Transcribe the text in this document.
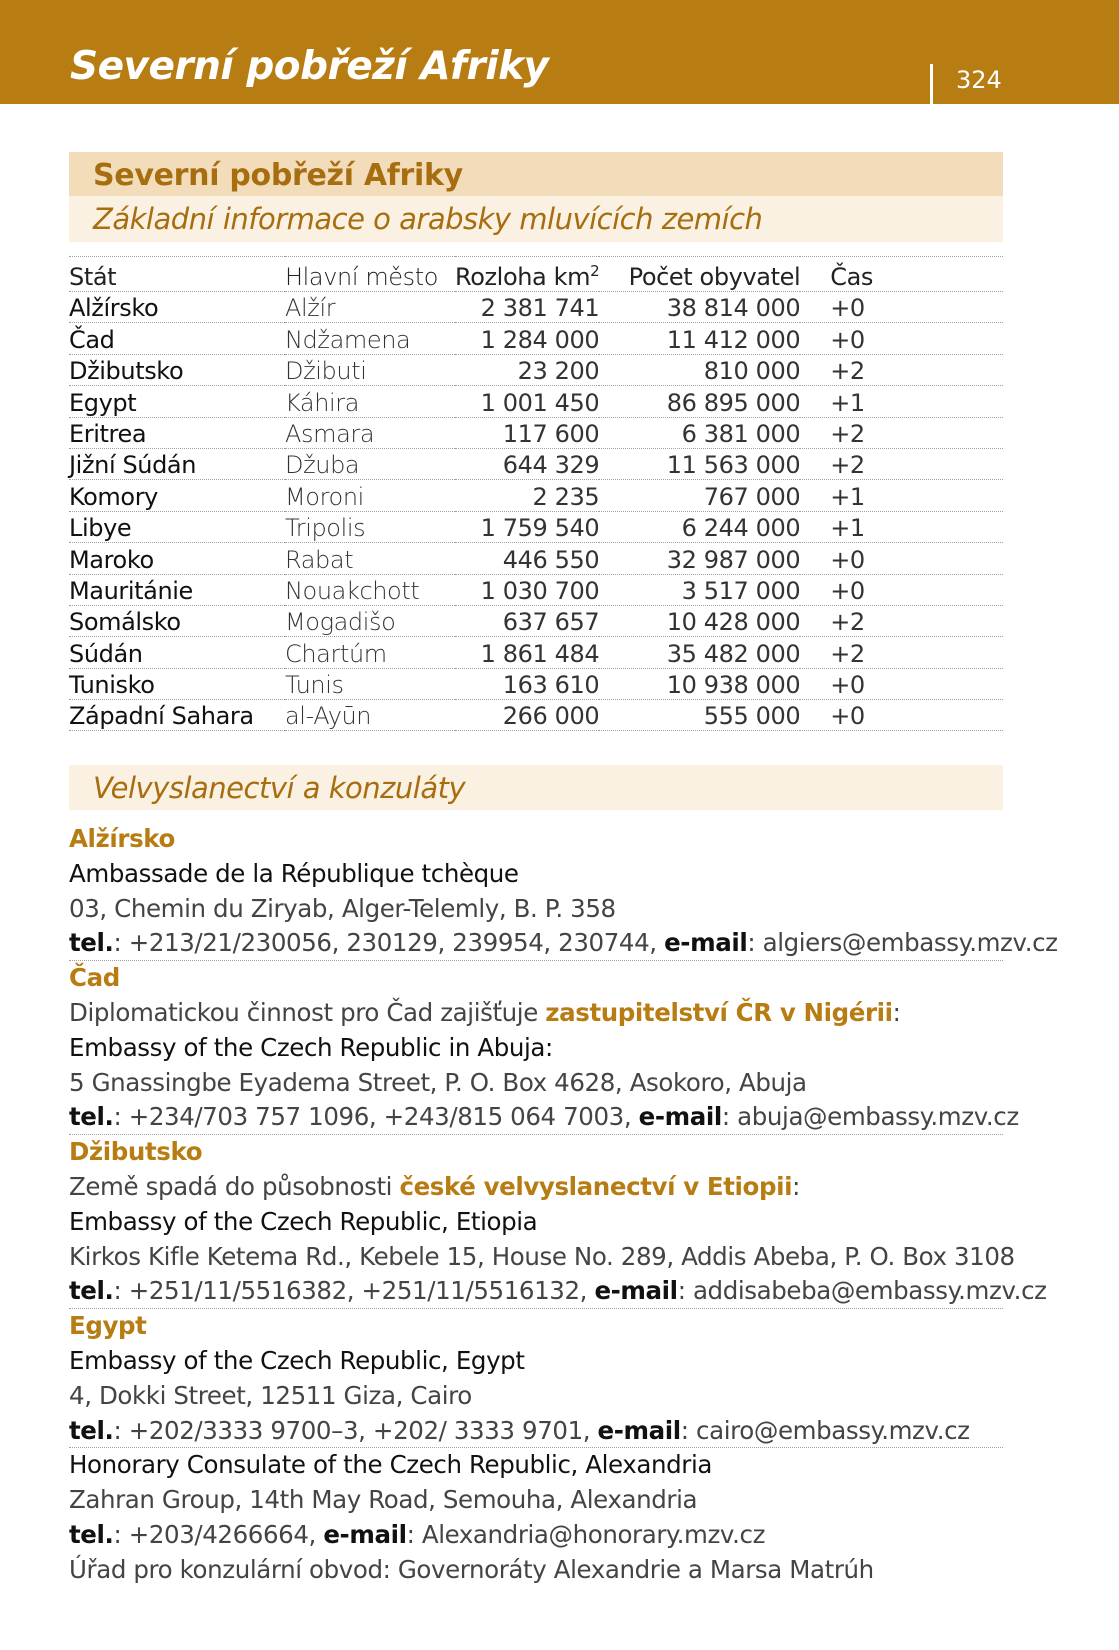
Severní pobřeží Afriky	324
Severní pobřeží Afriky
Základní informace o arabsky mluvících zemích
Stát	Hlavní město	Rozloha $km^2$	Počet obyvatel	Čas
Alžírsko	Alžír	2 381 741	38 814 000	+0
Čad	Ndžamena	1 284 000	11 412 000	+0
Džibutsko	Džibuti	23 200	810 000	+2
Egypt	Káhira	1 001 450	86 895 000	+1
Eritrea	Asmara	117 600	6 381 000	+2
Jižní Súdán	Džuba	644 329	11 563 000	+2
Komory	Moroni	2 235	767 000	+1
Libye	Tripolis	1 759 540	6 244 000	+1
Maroko	Rabat	446 550	32 987 000	+0
Mauritánie	Nouakchott	1 030 700	3 517 000	+0
Somálsko	Mogadišo	637 657	10 428 000	+2
Súdán	Chartúm	1 861 484	35 482 000	+2
Tunisko	Tunis	163 610	10 938 000	+0
Západní Sahara	al-Ayūn	266 000	555 000	+0
Velvyslanectví a konzuláty
Alžírsko
Ambassade de la République tchèque
03, Chemin du Ziryab, Alger-Telemly, B. P. 358
tel.: +213/21/230056, 230129, 239954, 230744, e-mail: algiers@embassy.mzv.cz
Čad
Diplomatickou činnost pro Čad zajišťuje zastupitelství ČR v Nigérii:
Embassy of the Czech Republic in Abuja:
5 Gnassingbe Eyadema Street, P. O. Box 4628, Asokoro, Abuja
tel.: +234/703 757 1096, +243/815 064 7003, e-mail: abuja@embassy.mzv.cz
Džibutsko
Země spadá do působnosti české velvyslanectví v Etiopii:
Embassy of the Czech Republic, Etiopia
Kirkos Kifle Ketema Rd., Kebele 15, House No. 289, Addis Abeba, P. O. Box 3108
tel.: +251/11/5516382, +251/11/5516132, e-mail: addisabeba@embassy.mzv.cz
Egypt
Embassy of the Czech Republic, Egypt
4, Dokki Street, 12511 Giza, Cairo
tel.: +202/3333 9700–3, +202/ 3333 9701, e-mail: cairo@embassy.mzv.cz
Honorary Consulate of the Czech Republic, Alexandria
Zahran Group, 14th May Road, Semouha, Alexandria
tel.: +203/4266664, e-mail: Alexandria@honorary.mzv.cz
Úřad pro konzulární obvod: Governoráty Alexandrie a Marsa Matrúh
